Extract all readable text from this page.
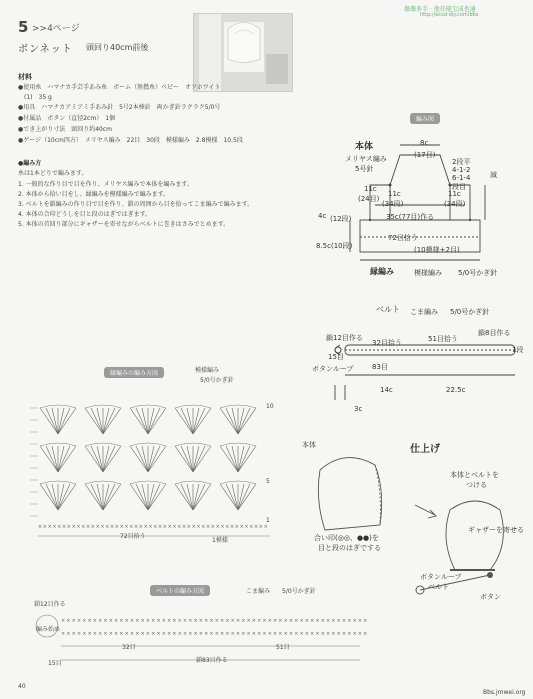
5 >>4ページ
ボンネット 頭回り40cm前後
薇薇多手 · 他佳能宝成也通
http://ecsd-diy.com/bbs
材料
●使用糸　ハマナカ手芸手あみ糸　ボーム（無撚糸）ベビー　オフホワイト
　(1)　35 g
●用具　ハマナカアミアミ手あみ針　5号2本棒針　両かぎ針ラクラク5/0号
●付属品　ボタン（直径2cm）　1個
●でき上がり寸法　頭回り約40cm
●ゲージ（10cm四方）　メリヤス編み　22目　30段　模様編み　2.8模様　10.5段
●編み方
糸は1本どりで編みます。
1. 一般的な作り目で目を作り、メリヤス編みで本体を編みます。
2. 本体から拾い目をし、縁編みを模様編みで編みます。
3. ベルトを鎖編みの作り目で目を作り、鎖の周囲から目を拾ってこま編みで編みます。
4. 本体の合印どうしを目と段のはぎではぎます。
5. 本体の首回り部分にギャザーを寄せながらベルトに巻きはさみでとめます。
編み図
本体
メリヤス編み
5号針
8c
(17目)
11c
(24目)
11c
(34段)
11c
(34段)
2段平
4-1-2
6-1-4
段目
減
4c (12段)	35c(77目)作る
72目拾う
8.5c(10段)	(10模様+2目)
縁編み	模様編み 5/0号かぎ針
ベルト こま編み 5/0号かぎ針
鎖12目作る
鎖8目作る
32目拾う	51目拾う
15目
83目
1段
ボタンループ
14c	22.5c
3c
仕上げ
本体
本体とベルトを
つける
合い印(◎◎、●●)を
目と段のはぎでする
ボタンループ
ベルト
ボタン
ギャザーを寄せる
縁編みの編み方図	模様編み
5/0号かぎ針
× × × × × × × × × × × × × × × × × × × × × × × × × × × × × × × × × × × × × × × × × × × × × × × ×
10
5
1
72目拾う
1模様
ベルトの編み方図	こま編み 5/0号かぎ針
鎖12目作る
×
×
×
×
×
×
×
×
×
×
×
×
×
×
×
×
×
×
×
×
×
×
×
×
×
×
×
×
×
×
×
×
×
×
×
×
×
×
×
×
×
×
×
×
×
×
×
×
×
×
×
×
×
×
×
×
×
×
×
×
×
×
×
×
×
×
×
×
×
×
×
×
×
×
×
×
×
×
×
×
×
×
×
×
×
×
×
×
×
×
×
×
×
×
×
×
×
×
×
×
×
×
×
×
×
×
×
×
×
×
×
×
×
×
×
×
編み始め
32目	51目
15目	鎖83目作る
40
Bbs.jmwei.org
